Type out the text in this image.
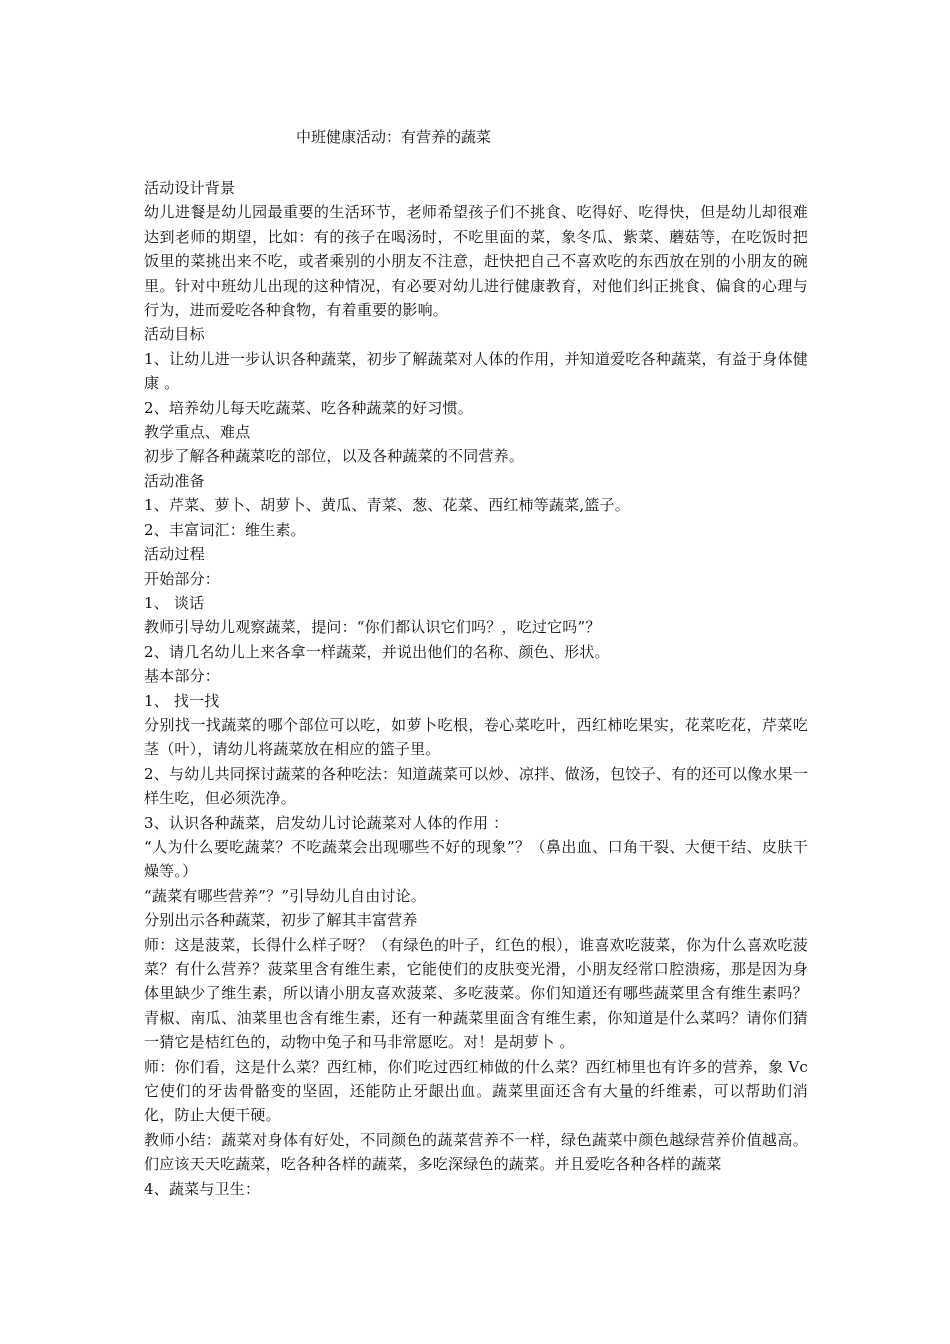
中班健康活动：有营养的蔬菜

活动设计背景

幼儿进餐是幼儿园最重要的生活环节，老师希望孩子们不挑食、吃得好、吃得快，但是幼儿却很难达到老师的期望，比如：有的孩子在喝汤时，不吃里面的菜，象冬瓜、紫菜、蘑菇等，在吃饭时把饭里的菜挑出来不吃，或者乘别的小朋友不注意，赶快把自己不喜欢吃的东西放在别的小朋友的碗里。针对中班幼儿出现的这种情况，有必要对幼儿进行健康教育，对他们纠正挑食、偏食的心理与行为，进而爱吃各种食物，有着重要的影响。

活动目标

1、让幼儿进一步认识各种蔬菜，初步了解蔬菜对人体的作用，并知道爱吃各种蔬菜，有益于身体健康 。

2、培养幼儿每天吃蔬菜、吃各种蔬菜的好习惯。

教学重点、难点

初步了解各种蔬菜吃的部位，以及各种蔬菜的不同营养。

活动准备

1、芹菜、萝卜、胡萝卜、黄瓜、青菜、葱、花菜、西红柿等蔬菜,篮子。

2、丰富词汇：维生素。

活动过程

开始部分：

1、 谈话

教师引导幼儿观察蔬菜，提问：“你们都认识它们吗？，吃过它吗”？

2、请几名幼儿上来各拿一样蔬菜，并说出他们的名称、颜色、形状。

基本部分：

1、 找一找

分别找一找蔬菜的哪个部位可以吃，如萝卜吃根，卷心菜吃叶，西红柿吃果实，花菜吃花，芹菜吃茎（叶），请幼儿将蔬菜放在相应的篮子里。

2、与幼儿共同探讨蔬菜的各种吃法：知道蔬菜可以炒、凉拌、做汤，包饺子、有的还可以像水果一样生吃，但必须洗净。

3、认识各种蔬菜，启发幼儿讨论蔬菜对人体的作用 ：

“人为什么要吃蔬菜？不吃蔬菜会出现哪些不好的现象”？（鼻出血、口角干裂、大便干结、皮肤干燥等。）

“蔬菜有哪些营养”？”引导幼儿自由讨论。

分别出示各种蔬菜，初步了解其丰富营养

师：这是菠菜，长得什么样子呀？（有绿色的叶子，红色的根），谁喜欢吃菠菜，你为什么喜欢吃菠菜？有什么营养？菠菜里含有维生素，它能使们的皮肤变光滑，小朋友经常口腔溃疡，那是因为身体里缺少了维生素，所以请小朋友喜欢菠菜、多吃菠菜。你们知道还有哪些蔬菜里含有维生素吗？青椒、南瓜、油菜里也含有维生素，还有一种蔬菜里面含有维生素，你知道是什么菜吗？请你们猜一猜它是桔红色的，动物中兔子和马非常愿吃。对！是胡萝卜 。

师：你们看，这是什么菜？西红柿，你们吃过西红柿做的什么菜？西红柿里也有许多的营养，象 Vc 它使们的牙齿骨骼变的坚固，还能防止牙龈出血。蔬菜里面还含有大量的纤维素，可以帮助们消化，防止大便干硬。

教师小结：蔬菜对身体有好处，不同颜色的蔬菜营养不一样，绿色蔬菜中颜色越绿营养价值越高。们应该天天吃蔬菜，吃各种各样的蔬菜，多吃深绿色的蔬菜。并且爱吃各种各样的蔬菜

4、蔬菜与卫生：
